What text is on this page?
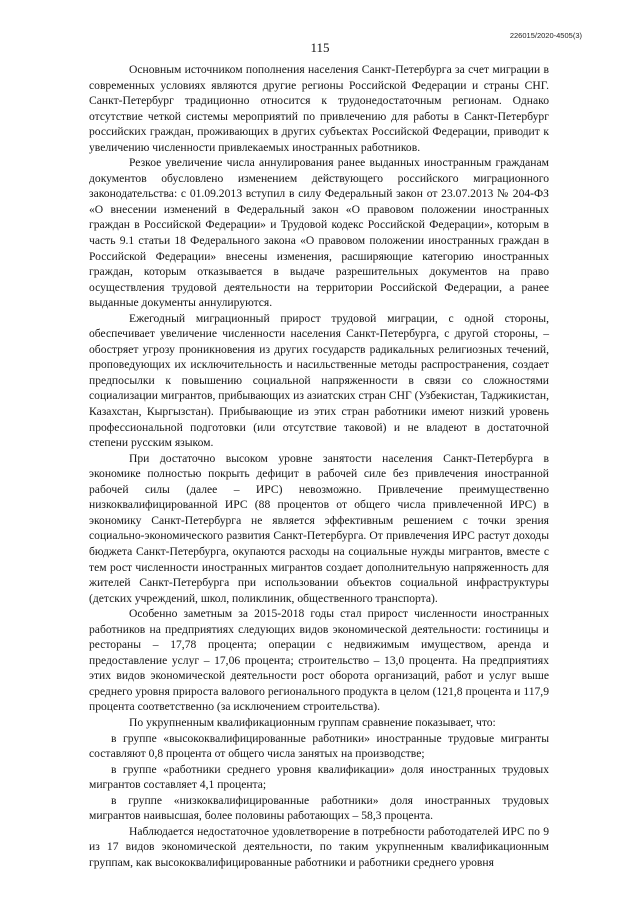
226015/2020-4505(3)
115

Основным источником пополнения населения Санкт-Петербурга за счет миграции в современных условиях являются другие регионы Российской Федерации и страны СНГ. Санкт-Петербург традиционно относится к трудонедостаточным регионам. Однако отсутствие четкой системы мероприятий по привлечению для работы в Санкт-Петербург российских граждан, проживающих в других субъектах Российской Федерации, приводит к увеличению численности привлекаемых иностранных работников.

Резкое увеличение числа аннулирования ранее выданных иностранным гражданам документов обусловлено изменением действующего российского миграционного законодательства: с 01.09.2013 вступил в силу Федеральный закон от 23.07.2013 № 204-ФЗ «О внесении изменений в Федеральный закон «О правовом положении иностранных граждан в Российской Федерации» и Трудовой кодекс Российской Федерации», которым в часть 9.1 статьи 18 Федерального закона «О правовом положении иностранных граждан в Российской Федерации» внесены изменения, расширяющие категорию иностранных граждан, которым отказывается в выдаче разрешительных документов на право осуществления трудовой деятельности на территории Российской Федерации, а ранее выданные документы аннулируются.

Ежегодный миграционный прирост трудовой миграции, с одной стороны, обеспечивает увеличение численности населения Санкт-Петербурга, с другой стороны, – обостряет угрозу проникновения из других государств радикальных религиозных течений, проповедующих их исключительность и насильственные методы распространения, создает предпосылки к повышению социальной напряженности в связи со сложностями социализации мигрантов, прибывающих из азиатских стран СНГ (Узбекистан, Таджикистан, Казахстан, Кыргызстан). Прибывающие из этих стран работники имеют низкий уровень профессиональной подготовки (или отсутствие таковой) и не владеют в достаточной степени русским языком.

При достаточно высоком уровне занятости населения Санкт-Петербурга в экономике полностью покрыть дефицит в рабочей силе без привлечения иностранной рабочей силы (далее – ИРС) невозможно. Привлечение преимущественно низкоквалифицированной ИРС (88 процентов от общего числа привлеченной ИРС) в экономику Санкт-Петербурга не является эффективным решением с точки зрения социально-экономического развития Санкт-Петербурга. От привлечения ИРС растут доходы бюджета Санкт-Петербурга, окупаются расходы на социальные нужды мигрантов, вместе с тем рост численности иностранных мигрантов создает дополнительную напряженность для жителей Санкт-Петербурга при использовании объектов социальной инфраструктуры (детских учреждений, школ, поликлиник, общественного транспорта).

Особенно заметным за 2015-2018 годы стал прирост численности иностранных работников на предприятиях следующих видов экономической деятельности: гостиницы и рестораны – 17,78 процента; операции с недвижимым имуществом, аренда и предоставление услуг – 17,06 процента; строительство – 13,0 процента. На предприятиях этих видов экономической деятельности рост оборота организаций, работ и услуг выше среднего уровня прироста валового регионального продукта в целом (121,8 процента и 117,9 процента соответственно (за исключением строительства).

По укрупненным квалификационным группам сравнение показывает, что:

в группе «высококвалифицированные работники» иностранные трудовые мигранты составляют 0,8 процента от общего числа занятых на производстве;

в группе «работники среднего уровня квалификации» доля иностранных трудовых мигрантов составляет 4,1 процента;

в группе «низкоквалифицированные работники» доля иностранных трудовых мигрантов наивысшая, более половины работающих – 58,3 процента.

Наблюдается недостаточное удовлетворение в потребности работодателей ИРС по 9 из 17 видов экономической деятельности, по таким укрупненным квалификационным группам, как высококвалифицированные работники и работники среднего уровня
